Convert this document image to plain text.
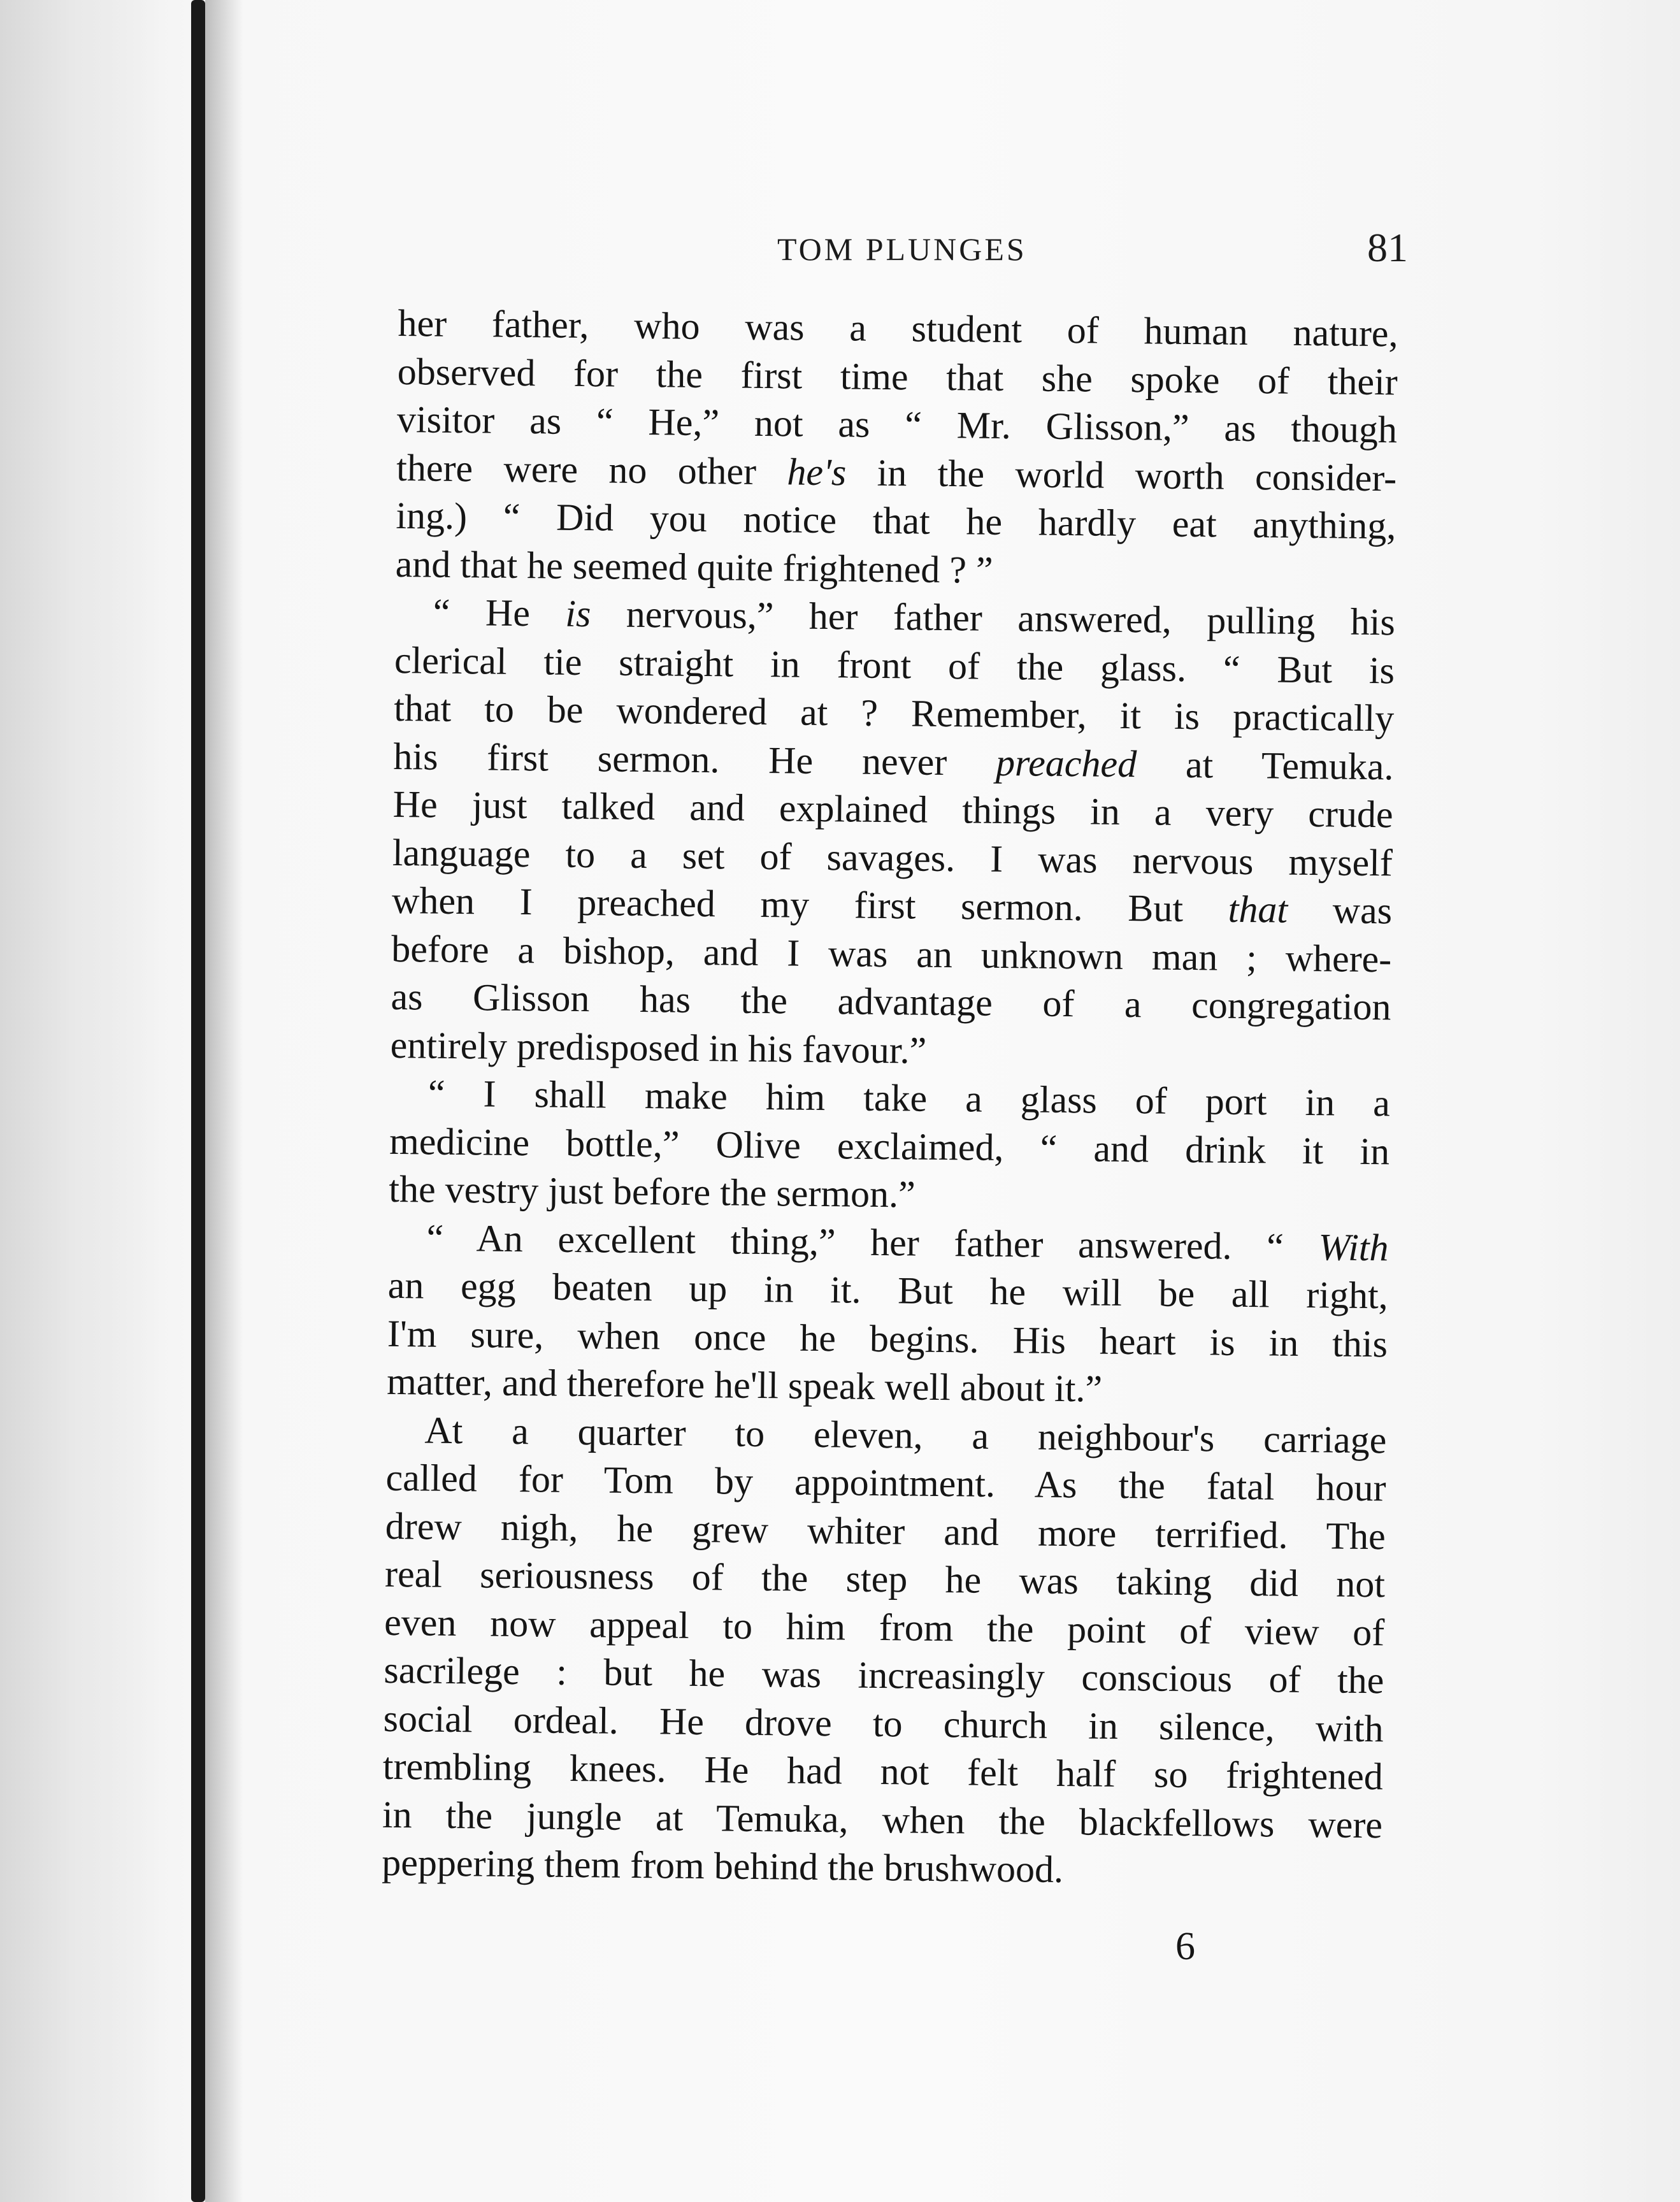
TOM PLUNGES	81
her father, who was a student of human nature,
observed for the first time that she spoke of their
visitor as “ He,” not as “ Mr. Glisson,” as though
there were no other he's in the world worth consider-
ing.) “ Did you notice that he hardly eat anything,
and that he seemed quite frightened ? ”
“ He is nervous,” her father answered, pulling his
clerical tie straight in front of the glass. “ But is
that to be wondered at ? Remember, it is practically
his first sermon. He never preached at Temuka.
He just talked and explained things in a very crude
language to a set of savages. I was nervous myself
when I preached my first sermon. But that was
before a bishop, and I was an unknown man ; where-
as Glisson has the advantage of a congregation
entirely predisposed in his favour.”
“ I shall make him take a glass of port in a
medicine bottle,” Olive exclaimed, “ and drink it in
the vestry just before the sermon.”
“ An excellent thing,” her father answered. “ With
an egg beaten up in it. But he will be all right,
I'm sure, when once he begins. His heart is in this
matter, and therefore he'll speak well about it.”
At a quarter to eleven, a neighbour's carriage
called for Tom by appointment. As the fatal hour
drew nigh, he grew whiter and more terrified. The
real seriousness of the step he was taking did not
even now appeal to him from the point of view of
sacrilege : but he was increasingly conscious of the
social ordeal. He drove to church in silence, with
trembling knees. He had not felt half so frightened
in the jungle at Temuka, when the blackfellows were
peppering them from behind the brushwood.
6
